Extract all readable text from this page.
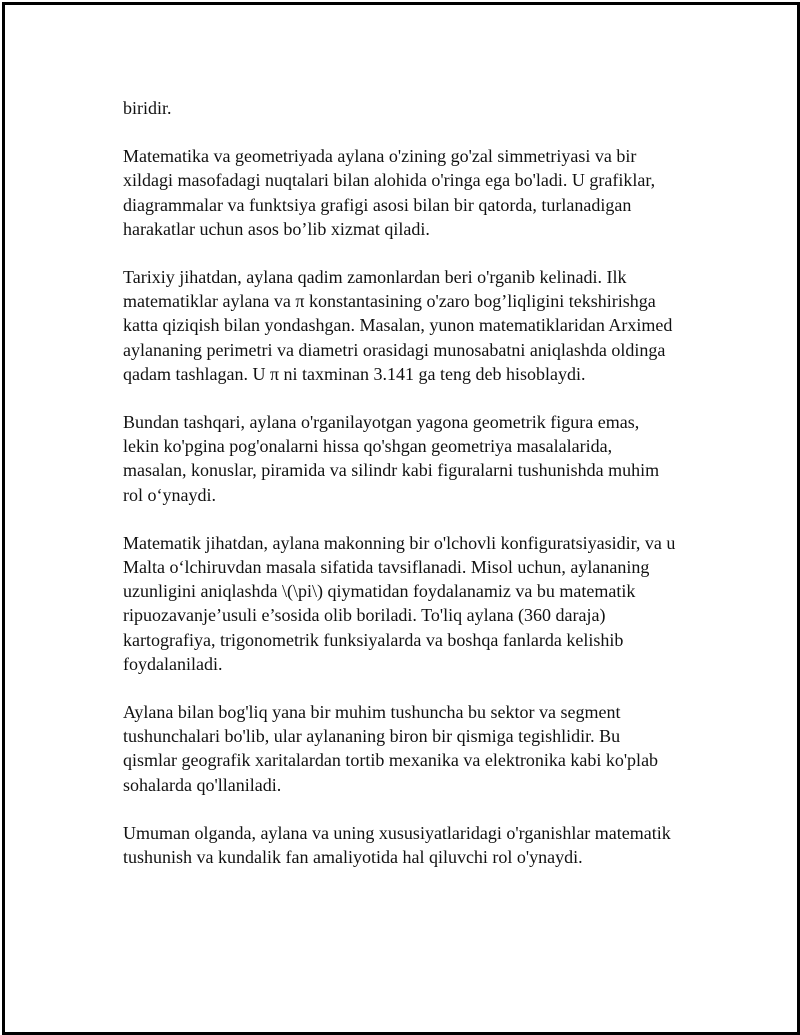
biridir.

Matematika va geometriyada aylana o'zining go'zal simmetriyasi va bir
xildagi masofadagi nuqtalari bilan alohida o'ringa ega bo'ladi. U grafiklar,
diagrammalar va funktsiya grafigi asosi bilan bir qatorda, turlanadigan
harakatlar uchun asos bo’lib xizmat qiladi.

Tarixiy jihatdan, aylana qadim zamonlardan beri o'rganib kelinadi. Ilk
matematiklar aylana va π konstantasining o'zaro bog’liqligini tekshirishga
katta qiziqish bilan yondashgan. Masalan, yunon matematiklaridan Arximed
aylananing perimetri va diametri orasidagi munosabatni aniqlashda oldinga
qadam tashlagan. U π ni taxminan 3.141 ga teng deb hisoblaydi.

Bundan tashqari, aylana o'rganilayotgan yagona geometrik figura emas,
lekin ko'pgina pog'onalarni hissa qo'shgan geometriya masalalarida,
masalan, konuslar, piramida va silindr kabi figuralarni tushunishda muhim
rol o‘ynaydi.

Matematik jihatdan, aylana makonning bir o'lchovli konfiguratsiyasidir, va u
Malta o‘lchiruvdan masala sifatida tavsiflanadi. Misol uchun, aylananing
uzunligini aniqlashda \(\pi\) qiymatidan foydalanamiz va bu matematik
ripuozavanje’usuli e’sosida olib boriladi. To'liq aylana (360 daraja)
kartografiya, trigonometrik funksiyalarda va boshqa fanlarda kelishib
foydalaniladi.

Aylana bilan bog'liq yana bir muhim tushuncha bu sektor va segment
tushunchalari bo'lib, ular aylananing biron bir qismiga tegishlidir. Bu
qismlar geografik xaritalardan tortib mexanika va elektronika kabi ko'plab
sohalarda qo'llaniladi.

Umuman olganda, aylana va uning xususiyatlaridagi o'rganishlar matematik
tushunish va kundalik fan amaliyotida hal qiluvchi rol o'ynaydi.
